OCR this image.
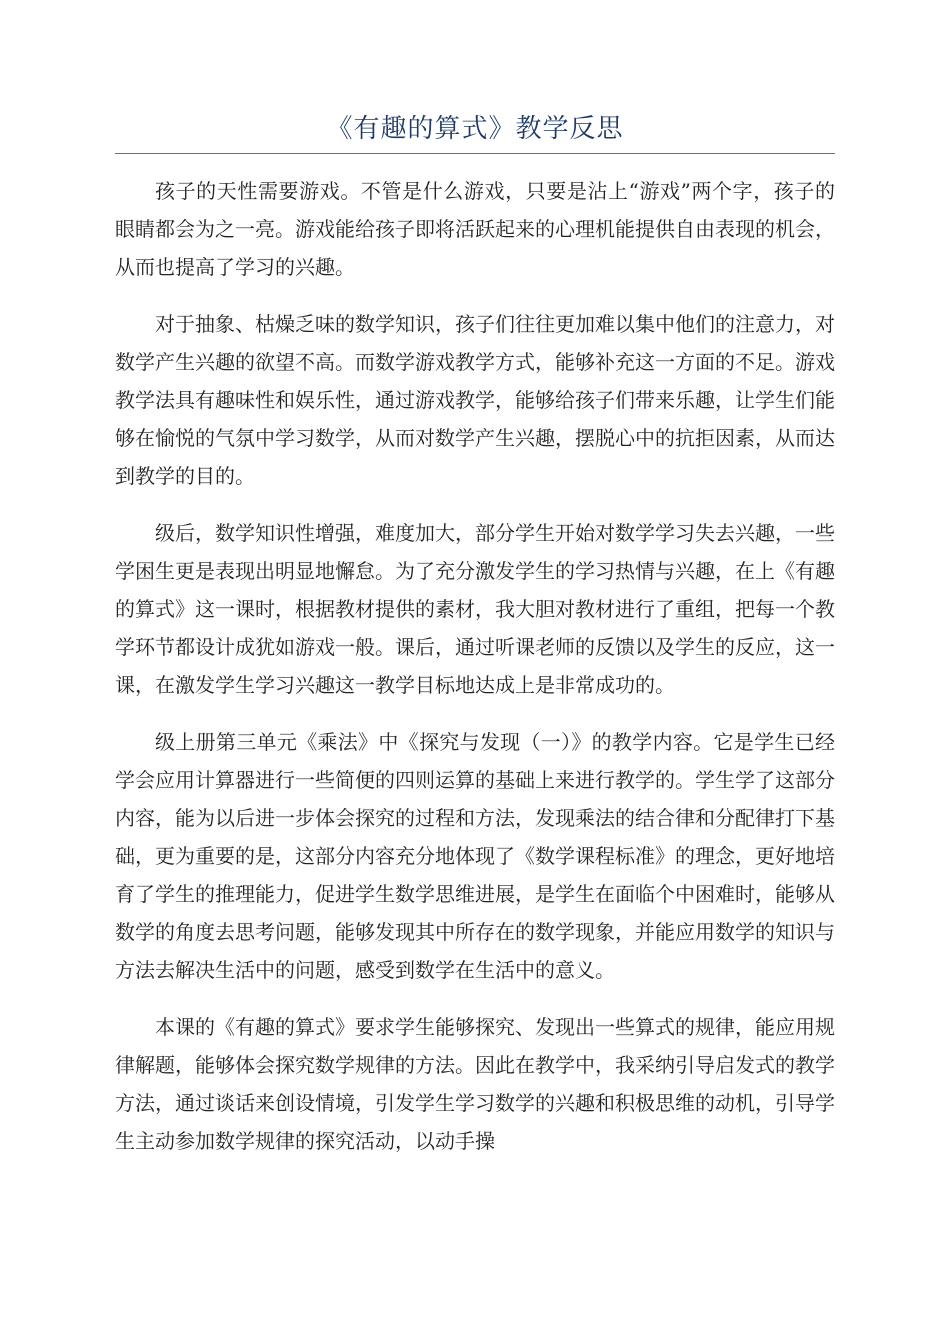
《有趣的算式》教学反思

孩子的天性需要游戏。不管是什么游戏，只要是沾上“游戏”两个字，孩子的眼睛都会为之一亮。游戏能给孩子即将活跃起来的心理机能提供自由表现的机会，从而也提高了学习的兴趣。

对于抽象、枯燥乏味的数学知识，孩子们往往更加难以集中他们的注意力，对数学产生兴趣的欲望不高。而数学游戏教学方式，能够补充这一方面的不足。游戏教学法具有趣味性和娱乐性，通过游戏教学，能够给孩子们带来乐趣，让学生们能够在愉悦的气氛中学习数学，从而对数学产生兴趣，摆脱心中的抗拒因素，从而达到教学的目的。

级后，数学知识性增强，难度加大，部分学生开始对数学学习失去兴趣，一些学困生更是表现出明显地懈怠。为了充分激发学生的学习热情与兴趣，在上《有趣的算式》这一课时，根据教材提供的素材，我大胆对教材进行了重组，把每一个教学环节都设计成犹如游戏一般。课后，通过听课老师的反馈以及学生的反应，这一课，在激发学生学习兴趣这一教学目标地达成上是非常成功的。

级上册第三单元《乘法》中《探究与发现（一）》的教学内容。它是学生已经学会应用计算器进行一些简便的四则运算的基础上来进行教学的。学生学了这部分内容，能为以后进一步体会探究的过程和方法，发现乘法的结合律和分配律打下基础，更为重要的是，这部分内容充分地体现了《数学课程标准》的理念，更好地培育了学生的推理能力，促进学生数学思维进展，是学生在面临个中困难时，能够从数学的角度去思考问题，能够发现其中所存在的数学现象，并能应用数学的知识与方法去解决生活中的问题，感受到数学在生活中的意义。

本课的《有趣的算式》要求学生能够探究、发现出一些算式的规律，能应用规律解题，能够体会探究数学规律的方法。因此在教学中，我采纳引导启发式的教学方法，通过谈话来创设情境，引发学生学习数学的兴趣和积极思维的动机，引导学生主动参加数学规律的探究活动，以动手操
